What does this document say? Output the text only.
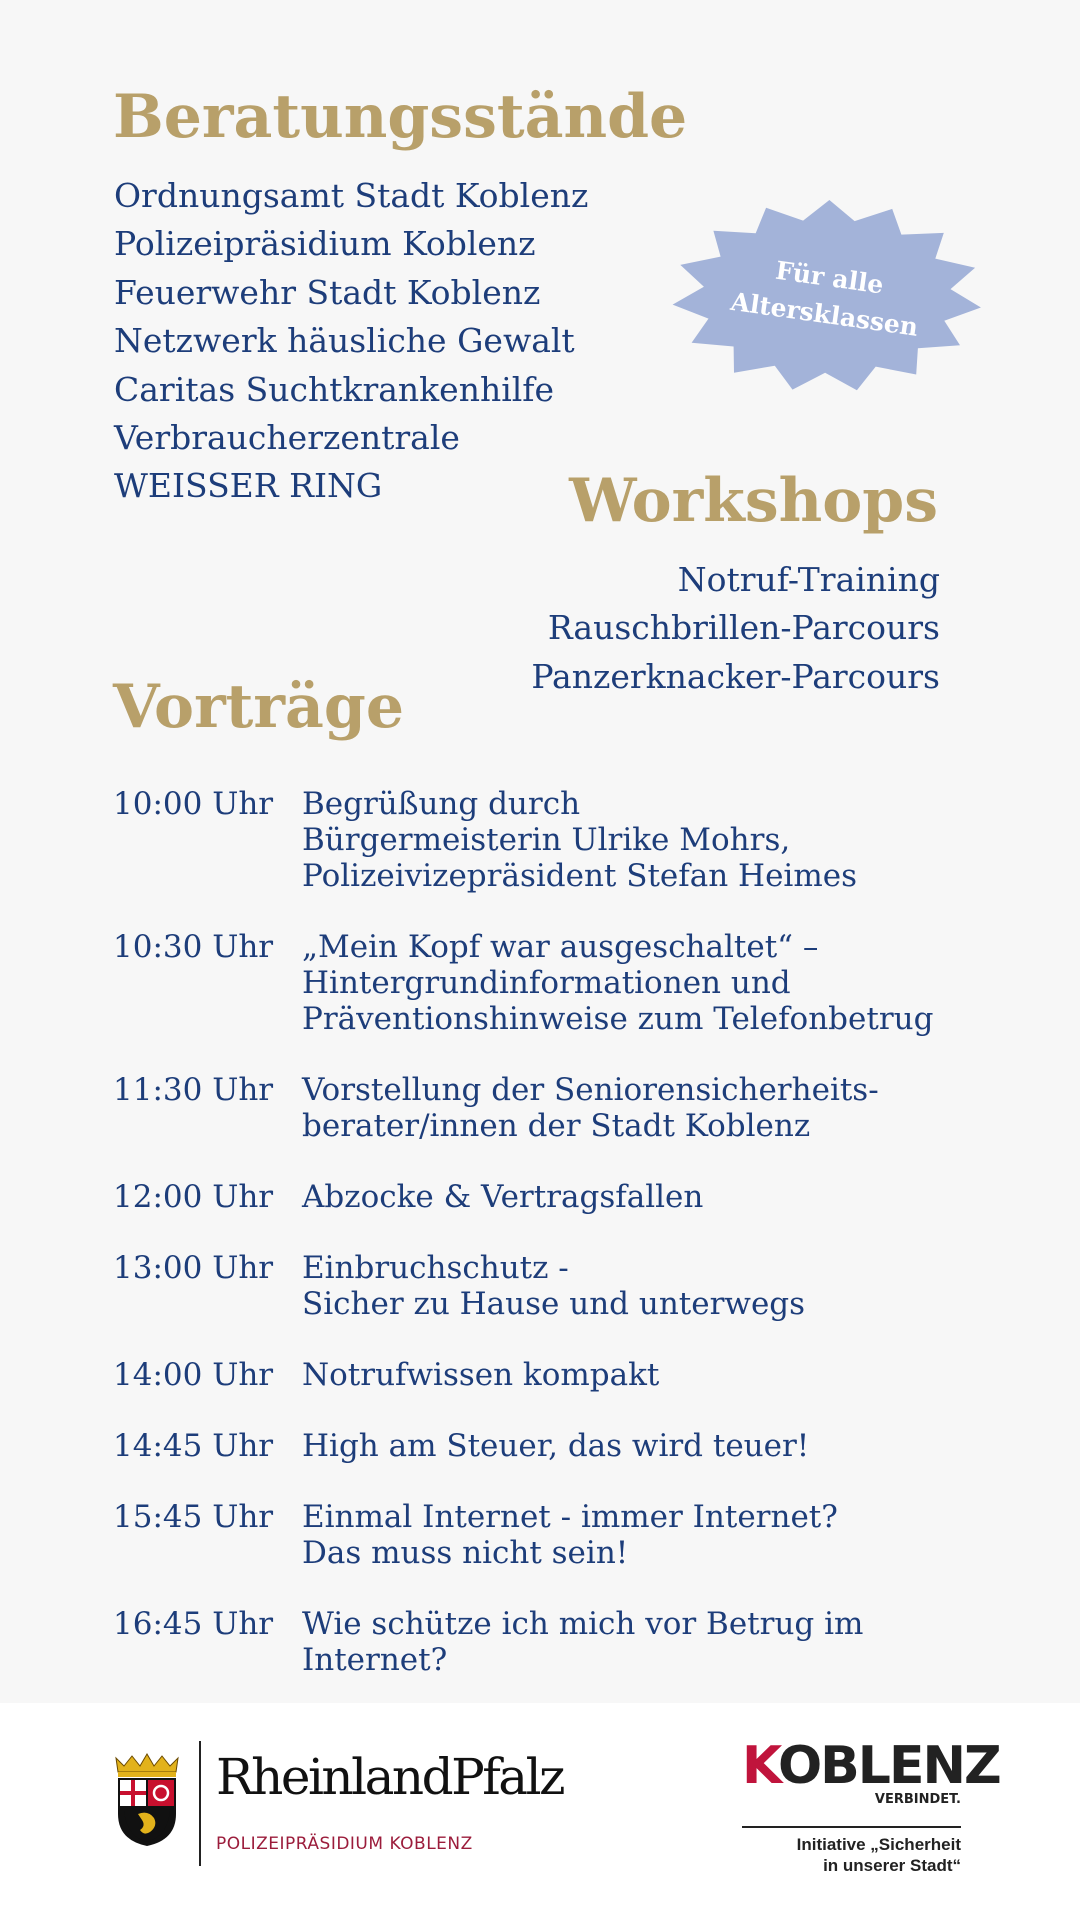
Beratungsstände
Ordnungsamt Stadt Koblenz
Polizeipräsidium Koblenz
Feuerwehr Stadt Koblenz
Netzwerk häusliche Gewalt
Caritas Suchtkrankenhilfe
Verbraucherzentrale
WEISSER RING
Für alle
Altersklassen
Workshops
Notruf-Training
Rauschbrillen-Parcours
Panzerknacker-Parcours
Vorträge
10:00 Uhr Begrüßung durch
Bürgermeisterin Ulrike Mohrs,
Polizeivizepräsident Stefan Heimes
10:30 Uhr „Mein Kopf war ausgeschaltet“ –
Hintergrundinformationen und
Präventionshinweise zum Telefonbetrug
11:30 Uhr Vorstellung der Seniorensicherheits-
berater/innen der Stadt Koblenz
12:00 Uhr Abzocke & Vertragsfallen
13:00 Uhr Einbruchschutz -
Sicher zu Hause und unterwegs
14:00 Uhr Notrufwissen kompakt
14:45 Uhr High am Steuer, das wird teuer!
15:45 Uhr Einmal Internet - immer Internet?
Das muss nicht sein!
16:45 Uhr Wie schütze ich mich vor Betrug im
Internet?
RheinlandPfalz
POLIZEIPRÄSIDIUM KOBLENZ
KOBLENZ
VERBINDET.
Initiative „Sicherheit
in unserer Stadt“
